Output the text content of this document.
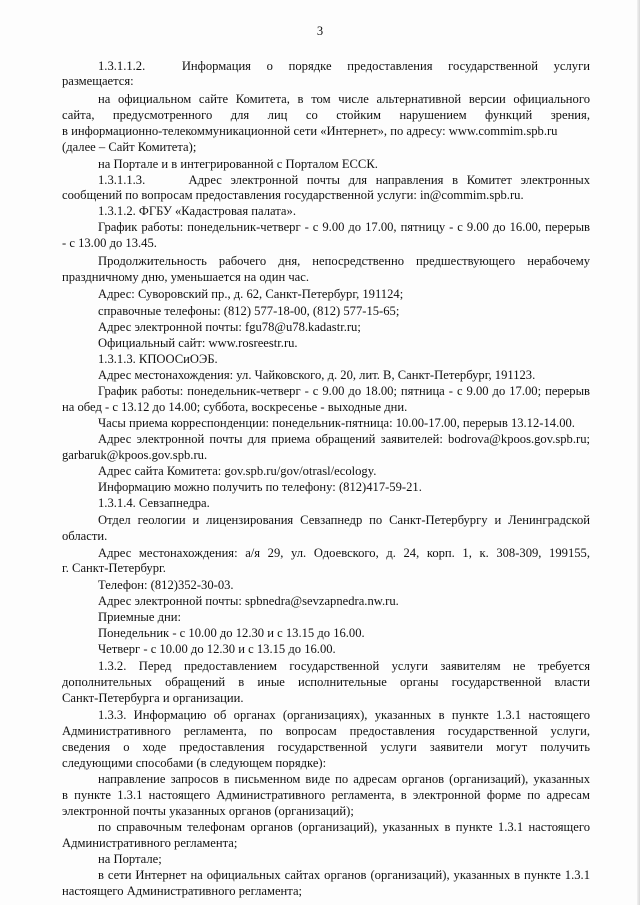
3
1.3.1.1.2.       Информация   о   порядке   предоставления   государственной   услуги
размещается:
на официальном сайте Комитета, в том числе альтернативной версии официального
сайта, предусмотренного для лиц со стойким нарушением функций зрения,
в информационно-телекоммуникационной сети «Интернет», по адресу: www.commim.spb.ru
(далее – Сайт Комитета);
на Портале и в интегрированной с Порталом ЕССК.
1.3.1.1.3.     Адрес электронной почты для направления в Комитет электронных
сообщений по вопросам предоставления государственной услуги: in@commim.spb.ru.
1.3.1.2. ФГБУ «Кадастровая палата».
График работы: понедельник-четверг - с 9.00 до 17.00, пятницу - с 9.00 до 16.00, перерыв
- с 13.00 до 13.45.
Продолжительность рабочего дня, непосредственно предшествующего нерабочему
праздничному дню, уменьшается на один час.
Адрес: Суворовский пр., д. 62, Санкт-Петербург, 191124;
справочные телефоны: (812) 577-18-00, (812) 577-15-65;
Адрес электронной почты: fgu78@u78.kadastr.ru;
Официальный сайт: www.rosreestr.ru.
1.3.1.3. КПООСиОЭБ.
Адрес местонахождения: ул. Чайковского, д. 20, лит. В, Санкт-Петербург, 191123.
График работы: понедельник-четверг - с 9.00 до 18.00; пятница - с 9.00 до 17.00; перерыв
на обед - с 13.12 до 14.00; суббота, воскресенье - выходные дни.
Часы приема корреспонденции: понедельник-пятница: 10.00-17.00, перерыв 13.12-14.00.
Адрес электронной почты для приема обращений заявителей: bodrova@kpoos.gov.spb.ru;
garbaruk@kpoos.gov.spb.ru.
Адрес сайта Комитета: gov.spb.ru/gov/otrasl/ecology.
Информацию можно получить по телефону: (812)417-59-21.
1.3.1.4. Севзапнедра.
Отдел геологии и лицензирования Севзапнедр по Санкт-Петербургу и Ленинградской
области.
Адрес местонахождения: а/я 29, ул. Одоевского, д. 24, корп. 1, к. 308-309, 199155,
г. Санкт-Петербург.
Телефон: (812)352-30-03.
Адрес электронной почты: spbnedra@sevzapnedra.nw.ru.
Приемные дни:
Понедельник - с 10.00 до 12.30 и с 13.15 до 16.00.
Четверг - с 10.00 до 12.30 и с 13.15 до 16.00.
1.3.2. Перед предоставлением государственной услуги заявителям не требуется
дополнительных обращений в иные исполнительные органы государственной власти
Санкт-Петербурга и организации.
1.3.3. Информацию об органах (организациях), указанных в пункте 1.3.1 настоящего
Административного регламента, по вопросам предоставления государственной услуги,
сведения о ходе предоставления государственной услуги заявители могут получить
следующими способами (в следующем порядке):
направление запросов в письменном виде по адресам органов (организаций), указанных
в пункте 1.3.1 настоящего Административного регламента, в электронной форме по адресам
электронной почты указанных органов (организаций);
по справочным телефонам органов (организаций), указанных в пункте 1.3.1 настоящего
Административного регламента;
на Портале;
в сети Интернет на официальных сайтах органов (организаций), указанных в пункте 1.3.1
настоящего Административного регламента;
